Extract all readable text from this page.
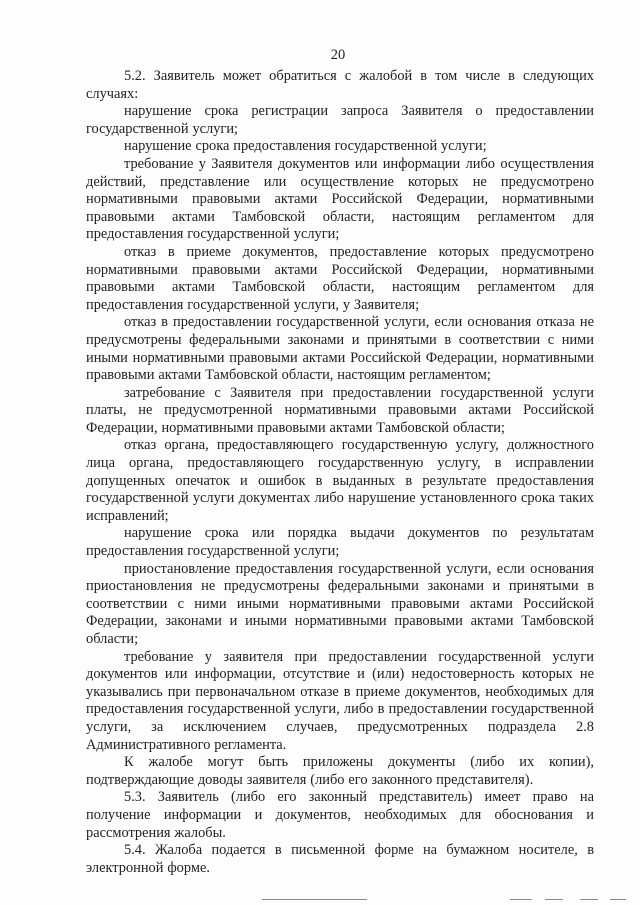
20

5.2. Заявитель может обратиться с жалобой в том числе в следующих случаях:

нарушение срока регистрации запроса Заявителя о предоставлении государственной услуги;

нарушение срока предоставления государственной услуги;

требование у Заявителя документов или информации либо осуществления действий, представление или осуществление которых не предусмотрено нормативными правовыми актами Российской Федерации, нормативными правовыми актами Тамбовской области, настоящим регламентом для предоставления государственной услуги;

отказ в приеме документов, предоставление которых предусмотрено нормативными правовыми актами Российской Федерации, нормативными правовыми актами Тамбовской области, настоящим регламентом для предоставления государственной услуги, у Заявителя;

отказ в предоставлении государственной услуги, если основания отказа не предусмотрены федеральными законами и принятыми в соответствии с ними иными нормативными правовыми актами Российской Федерации, нормативными правовыми актами Тамбовской области, настоящим регламентом;

затребование с Заявителя при предоставлении государственной услуги платы, не предусмотренной нормативными правовыми актами Российской Федерации, нормативными правовыми актами Тамбовской области;

отказ органа, предоставляющего государственную услугу, должностного лица органа, предоставляющего государственную услугу, в исправлении допущенных опечаток и ошибок в выданных в результате предоставления государственной услуги документах либо нарушение установленного срока таких исправлений;

нарушение срока или порядка выдачи документов по результатам предоставления государственной услуги;

приостановление предоставления государственной услуги, если основания приостановления не предусмотрены федеральными законами и принятыми в соответствии с ними иными нормативными правовыми актами Российской Федерации, законами и иными нормативными правовыми актами Тамбовской области;

требование у заявителя при предоставлении государственной услуги документов или информации, отсутствие и (или) недостоверность которых не указывались при первоначальном отказе в приеме документов, необходимых для предоставления государственной услуги, либо в предоставлении государственной услуги, за исключением случаев, предусмотренных подраздела 2.8 Административного регламента.

К жалобе могут быть приложены документы (либо их копии), подтверждающие доводы заявителя (либо его законного представителя).

5.3. Заявитель (либо его законный представитель) имеет право на получение информации и документов, необходимых для обоснования и рассмотрения жалобы.

5.4. Жалоба подается в письменной форме на бумажном носителе, в электронной форме.
